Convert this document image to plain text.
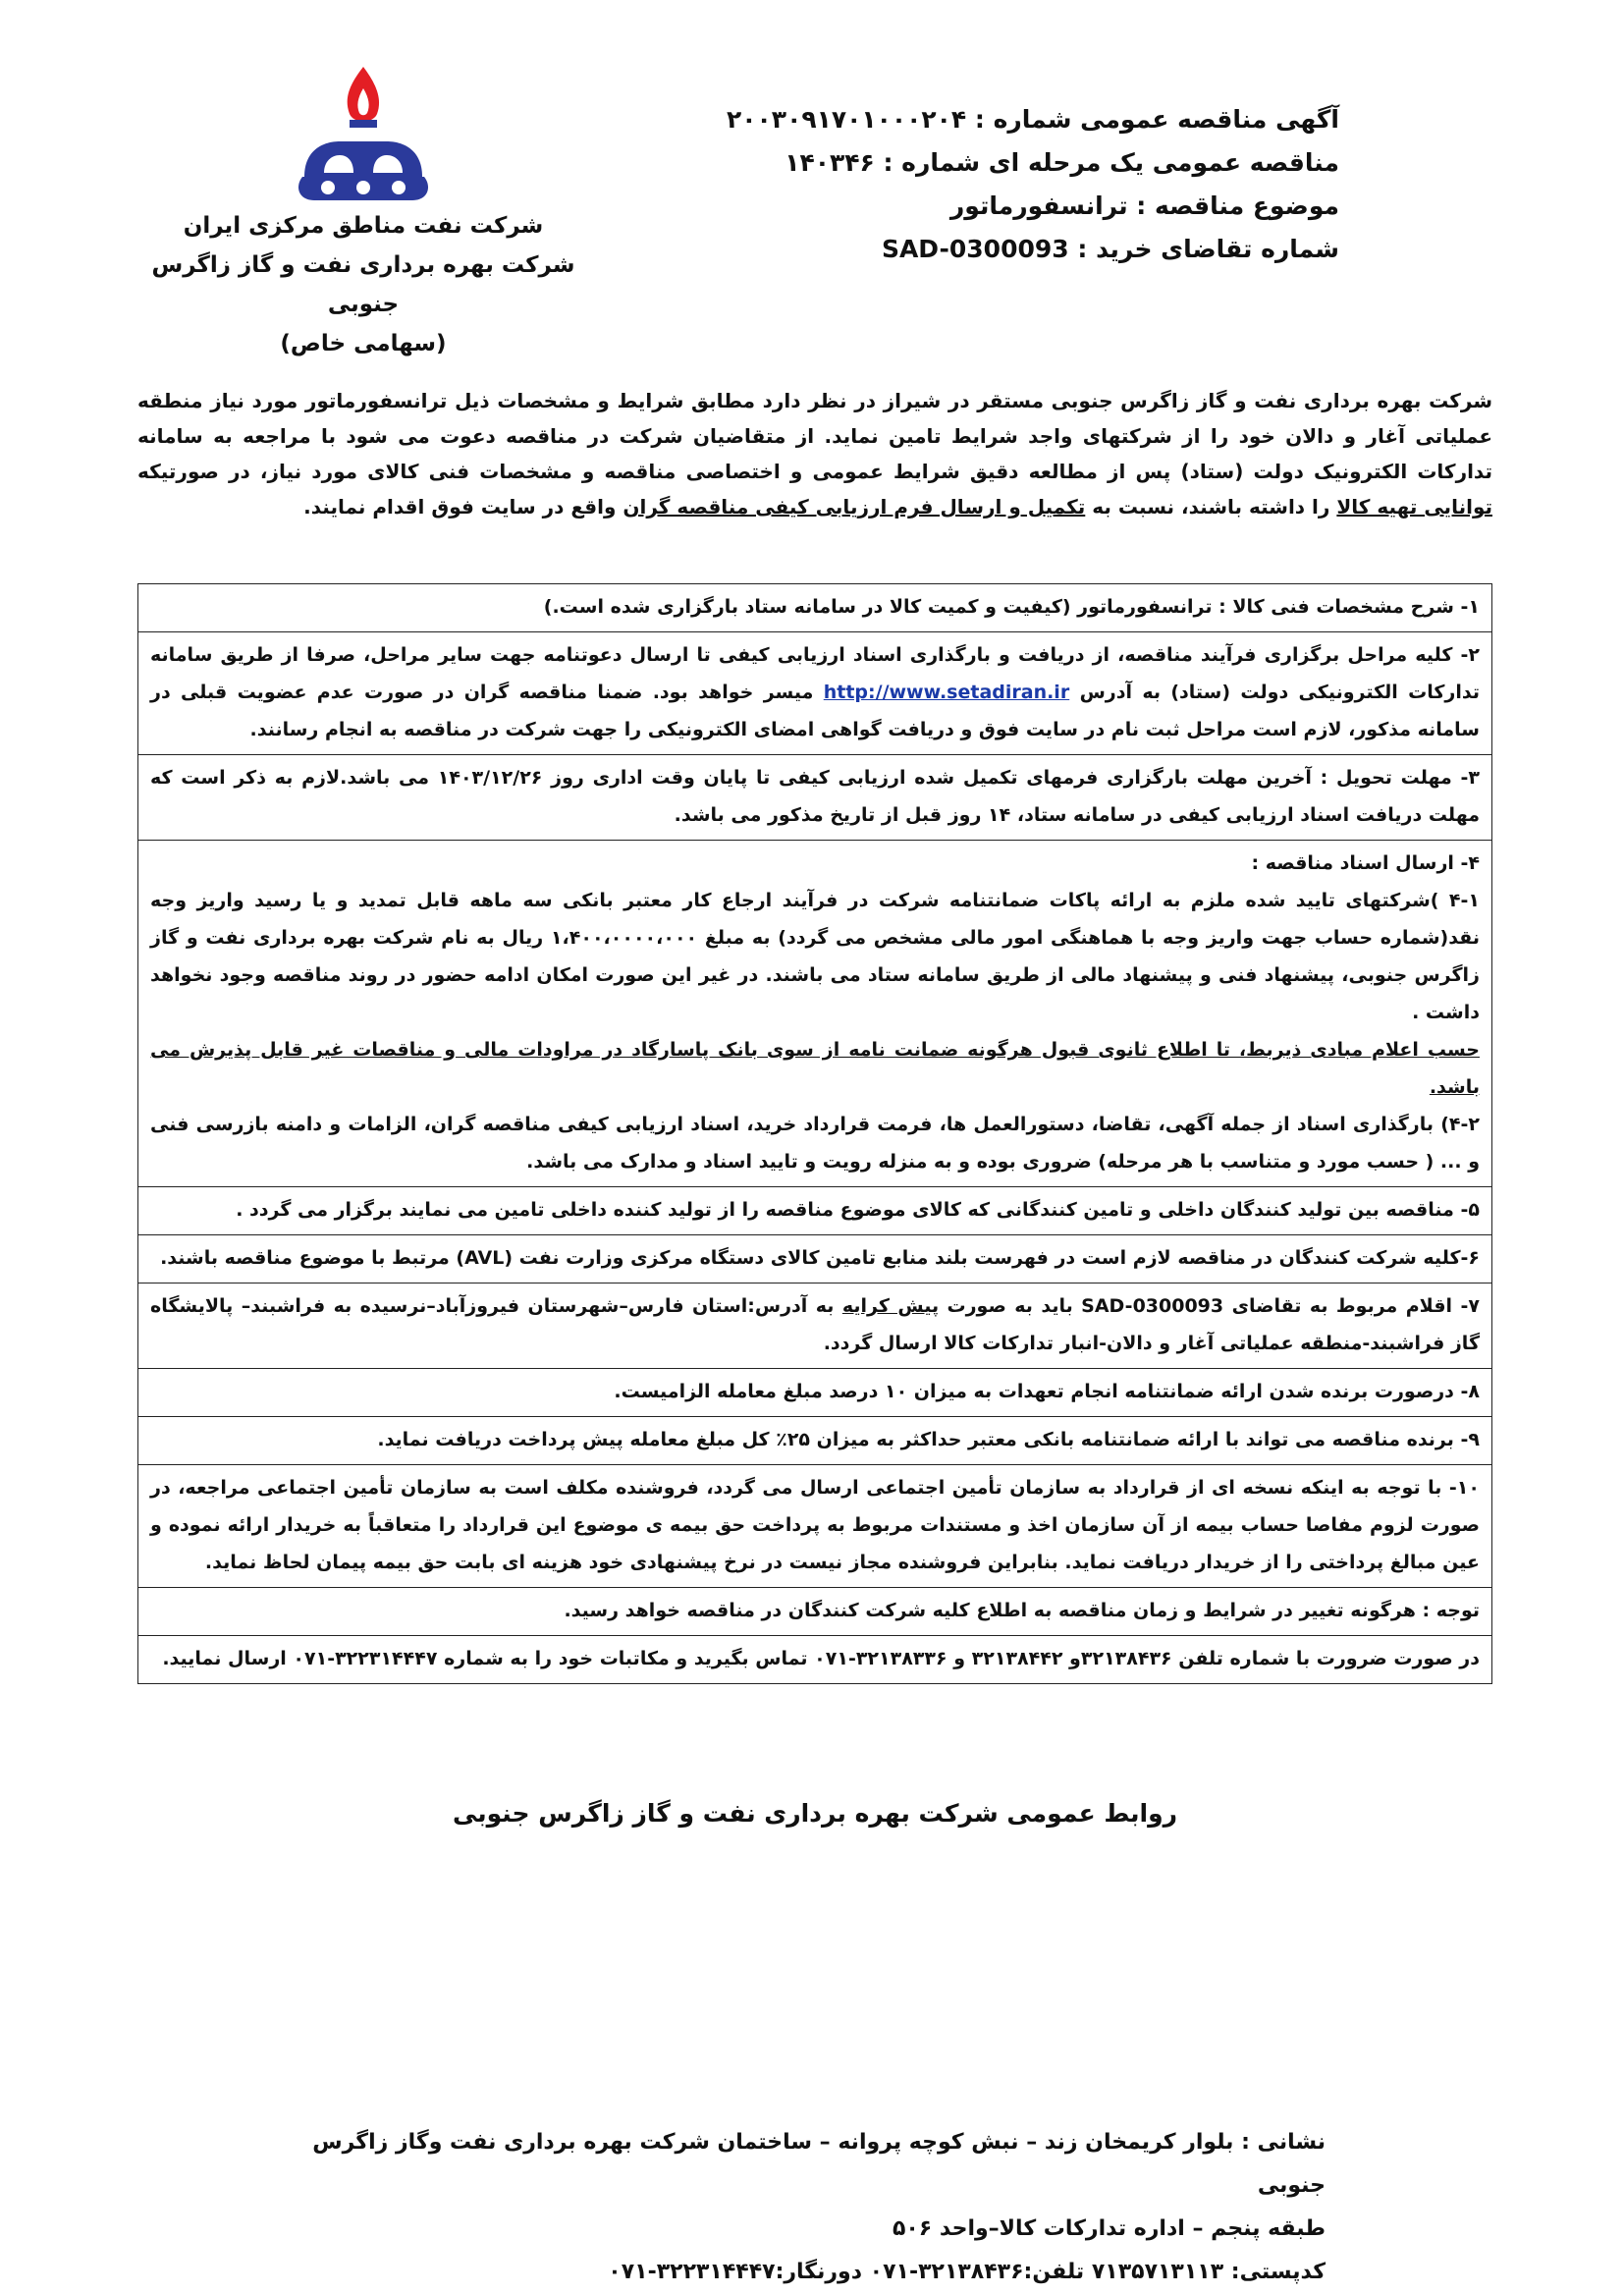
شرکت نفت مناطق مرکزی ایران

شرکت بهره برداری نفت و گاز زاگرس جنوبی

(سهامی خاص)

آگهی مناقصه عمومی شماره : ۲۰۰۳۰۹۱۷۰۱۰۰۰۲۰۴

مناقصه عمومی یک مرحله ای شماره : ۱۴۰۳۴۶

موضوع مناقصه : ترانسفورماتور

شماره تقاضای خرید : SAD-0300093

شرکت بهره برداری نفت و گاز زاگرس جنوبی مستقر در شیراز در نظر دارد مطابق شرایط و مشخصات ذیل ترانسفورماتور مورد نیاز منطقه عملیاتی آغار و دالان خود را از شرکتهای واجد شرایط تامین نماید. از متقاضیان شرکت در مناقصه دعوت می شود با مراجعه به سامانه تدارکات الکترونیک دولت (ستاد) پس از مطالعه دقیق شرایط عمومی و اختصاصی مناقصه و مشخصات فنی کالای مورد نیاز، در صورتیکه توانایی تهیه کالا را داشته باشند، نسبت به تکمیل و ارسال فرم ارزیابی کیفی مناقصه گران واقع در سایت فوق اقدام نمایند.

۱- شرح مشخصات فنی کالا : ترانسفورماتور (کیفیت و کمیت کالا در سامانه ستاد بارگزاری شده است.)

۲- کلیه مراحل برگزاری فرآیند مناقصه، از دریافت و بارگذاری اسناد ارزیابی کیفی تا ارسال دعوتنامه جهت سایر مراحل، صرفا از طریق سامانه تدارکات الکترونیکی دولت (ستاد) به آدرس http://www.setadiran.ir میسر خواهد بود. ضمنا مناقصه گران در صورت عدم عضویت قبلی در سامانه مذکور، لازم است مراحل ثبت نام در سایت فوق و دریافت گواهی امضای الکترونیکی را جهت شرکت در مناقصه به انجام رسانند.

۳- مهلت تحویل : آخرین مهلت بارگزاری فرمهای تکمیل شده ارزیابی کیفی تا پایان وقت اداری روز ۱۴۰۳/۱۲/۲۶ می باشد.لازم به ذکر است که مهلت دریافت اسناد ارزیابی کیفی در سامانه ستاد، ۱۴ روز قبل از تاریخ مذکور می باشد.

۴- ارسال اسناد مناقصه :

۴-۱ )شرکتهای تایید شده ملزم به ارائه پاکات ضمانتنامه شرکت در فرآیند ارجاع کار معتبر بانکی سه ماهه قابل تمدید و یا رسید واریز وجه نقد(شماره حساب جهت واریز وجه با هماهنگی امور مالی مشخص می گردد) به مبلغ ۱،۴۰۰،۰۰۰۰،۰۰۰ ریال به نام شرکت بهره برداری نفت و گاز زاگرس جنوبی، پیشنهاد فنی و پیشنهاد مالی از طریق سامانه ستاد می باشند. در غیر این صورت امکان ادامه حضور در روند مناقصه وجود نخواهد داشت .

حسب اعلام مبادی ذیربط، تا اطلاع ثانوی قبول هرگونه ضمانت نامه از سوی بانک پاسارگاد در مراودات مالی و مناقصات غیر قابل پذیرش می باشد.

۴-۲) بارگذاری اسناد از جمله آگهی، تقاضا، دستورالعمل ها، فرمت قرارداد خرید، اسناد ارزیابی کیفی مناقصه گران، الزامات و دامنه بازرسی فنی و ... ( حسب مورد و متناسب با هر مرحله) ضروری بوده و به منزله رویت و تایید اسناد و مدارک می باشد.

۵- مناقصه بین تولید کنندگان داخلی و تامین کنندگانی که کالای موضوع مناقصه را از تولید کننده داخلی تامین می نمایند برگزار می گردد .

۶-کلیه شرکت کنندگان در مناقصه لازم است در فهرست بلند منابع تامین کالای دستگاه مرکزی وزارت نفت (AVL) مرتبط با موضوع مناقصه باشند.

۷- اقلام مربوط به تقاضای SAD-0300093 باید به صورت پیش کرایه به آدرس:استان فارس–شهرستان فیروزآباد–نرسیده به فراشبند– پالایشگاه گاز فراشبند-منطقه عملیاتی آغار و دالان-انبار تدارکات کالا ارسال گردد.

۸- درصورت برنده شدن ارائه ضمانتنامه انجام تعهدات به میزان ۱۰ درصد مبلغ معامله الزامیست.

۹- برنده مناقصه می تواند با ارائه ضمانتنامه بانکی معتبر حداکثر به میزان ۲۵٪ کل مبلغ معامله پیش پرداخت دریافت نماید.

۱۰- با توجه به اینکه نسخه ای از قرارداد به سازمان تأمین اجتماعی ارسال می گردد، فروشنده مکلف است به سازمان تأمین اجتماعی مراجعه، در صورت لزوم مفاصا حساب بیمه از آن سازمان اخذ و مستندات مربوط به پرداخت حق بیمه ی موضوع این قرارداد را متعاقباً به خریدار ارائه نموده و عین مبالغ پرداختی را از خریدار دریافت نماید. بنابراین فروشنده مجاز نیست در نرخ پیشنهادی خود هزینه ای بابت حق بیمه پیمان لحاظ نماید.

توجه : هرگونه تغییر در شرایط و زمان مناقصه به اطلاع کلیه شرکت کنندگان در مناقصه خواهد رسید.

در صورت ضرورت با شماره تلفن ۳۲۱۳۸۴۳۶و ۳۲۱۳۸۴۴۲ و ۳۲۱۳۸۳۳۶-۰۷۱ تماس بگیرید و مکاتبات خود را به شماره ۳۲۲۳۱۴۴۴۷-۰۷۱ ارسال نمایید.

روابط عمومی شرکت بهره برداری نفت و گاز زاگرس جنوبی

نشانی : بلوار کریمخان زند – نبش کوچه پروانه – ساختمان شرکت بهره برداری نفت وگاز زاگرس جنوبی

طبقه پنجم – اداره تدارکات کالا–واحد ۵۰۶

کدپستی: ۷۱۳۵۷۱۳۱۱۳ تلفن:۳۲۱۳۸۴۳۶-۰۷۱ دورنگار:۳۲۲۳۱۴۴۴۷-۰۷۱
